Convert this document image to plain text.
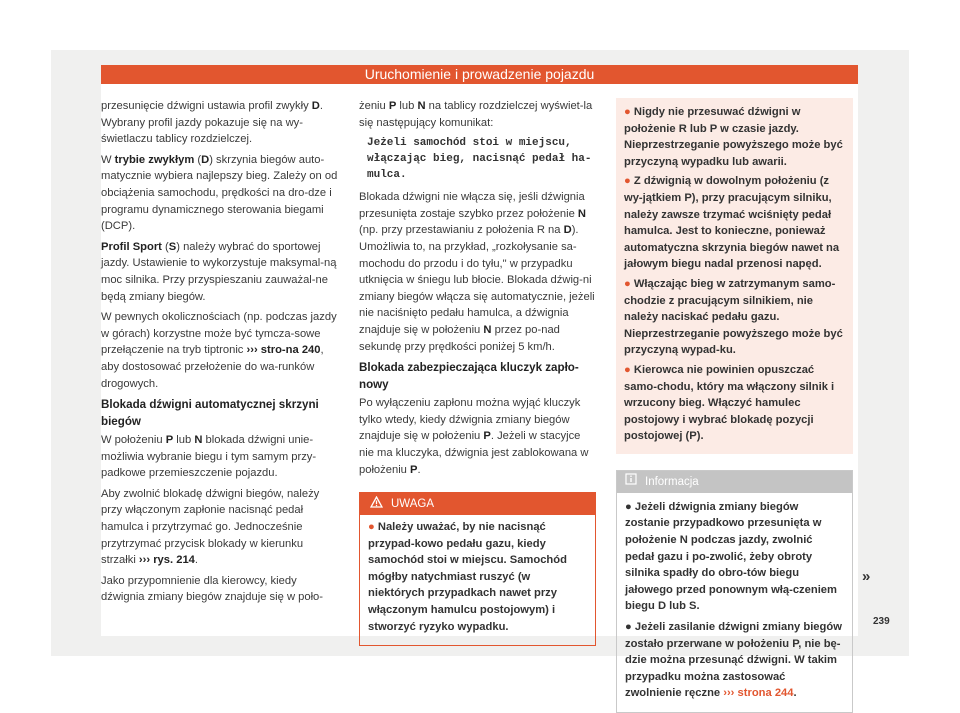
Uruchomienie i prowadzenie pojazdu

przesunięcie dźwigni ustawia profil zwykły D. Wybrany profil jazdy pokazuje się na wy-świetlaczu tablicy rozdzielczej.

W trybie zwykłym (D) skrzynia biegów auto-matycznie wybiera najlepszy bieg. Zależy on od obciążenia samochodu, prędkości na dro-dze i programu dynamicznego sterowania biegami (DCP).

Profil Sport (S) należy wybrać do sportowej jazdy. Ustawienie to wykorzystuje maksymal-ną moc silnika. Przy przyspieszaniu zauważal-ne będą zmiany biegów.

W pewnych okolicznościach (np. podczas jazdy w górach) korzystne może być tymcza-sowe przełączenie na tryb tiptronic ››› stro-na 240, aby dostosować przełożenie do wa-runków drogowych.

Blokada dźwigni automatycznej skrzyni biegów

W położeniu P lub N blokada dźwigni unie-możliwia wybranie biegu i tym samym przy-padkowe przemieszczenie pojazdu.

Aby zwolnić blokadę dźwigni biegów, należy przy włączonym zapłonie nacisnąć pedał hamulca i przytrzymać go. Jednocześnie przytrzymać przycisk blokady w kierunku strzałki ››› rys. 214.

Jako przypomnienie dla kierowcy, kiedy dźwignia zmiany biegów znajduje się w poło-

żeniu P lub N na tablicy rozdzielczej wyświet-la się następujący komunikat:

Jeżeli samochód stoi w miejscu, włączając bieg, nacisnąć pedał ha-mulca.

Blokada dźwigni nie włącza się, jeśli dźwignia przesunięta zostaje szybko przez położenie N (np. przy przestawianiu z położenia R na D). Umożliwia to, na przykład, „rozkołysanie sa-mochodu do przodu i do tyłu," w przypadku utknięcia w śniegu lub błocie. Blokada dźwig-ni zmiany biegów włącza się automatycznie, jeżeli nie naciśnięto pedału hamulca, a dźwignia znajduje się w położeniu N przez po-nad sekundę przy prędkości poniżej 5 km/h.

Blokada zabezpieczająca kluczyk zapło-nowy

Po wyłączeniu zapłonu można wyjąć kluczyk tylko wtedy, kiedy dźwignia zmiany biegów znajduje się w położeniu P. Jeżeli w stacyjce nie ma kluczyka, dźwignia jest zablokowana w położeniu P.

UWAGA

● Należy uważać, by nie nacisnąć przypad-kowo pedału gazu, kiedy samochód stoi w miejscu. Samochód mógłby natychmiast ruszyć (w niektórych przypadkach nawet przy włączonym hamulcu postojowym) i stworzyć ryzyko wypadku.

● Nigdy nie przesuwać dźwigni w położenie R lub P w czasie jazdy. Nieprzestrzeganie powyższego może być przyczyną wypadku lub awarii.

● Z dźwignią w dowolnym położeniu (z wy-jątkiem P), przy pracującym silniku, należy zawsze trzymać wciśnięty pedał hamulca. Jest to konieczne, ponieważ automatyczna skrzynia biegów nawet na jałowym biegu nadal przenosi napęd.

● Włączając bieg w zatrzymanym samo-chodzie z pracującym silnikiem, nie należy naciskać pedału gazu. Nieprzestrzeganie powyższego może być przyczyną wypad-ku.

● Kierowca nie powinien opuszczać samo-chodu, który ma włączony silnik i wrzucony bieg. Włączyć hamulec postojowy i wybrać blokadę pozycji postojowej (P).

Informacja

● Jeżeli dźwignia zmiany biegów zostanie przypadkowo przesunięta w położenie N podczas jazdy, zwolnić pedał gazu i po-zwolić, żeby obroty silnika spadły do obro-tów biegu jałowego przed ponownym włą-czeniem biegu D lub S.

● Jeżeli zasilanie dźwigni zmiany biegów zostało przerwane w położeniu P, nie bę-dzie można przesunąć dźwigni. W takim przypadku można zastosować zwolnienie ręczne ››› strona 244.

»
239
